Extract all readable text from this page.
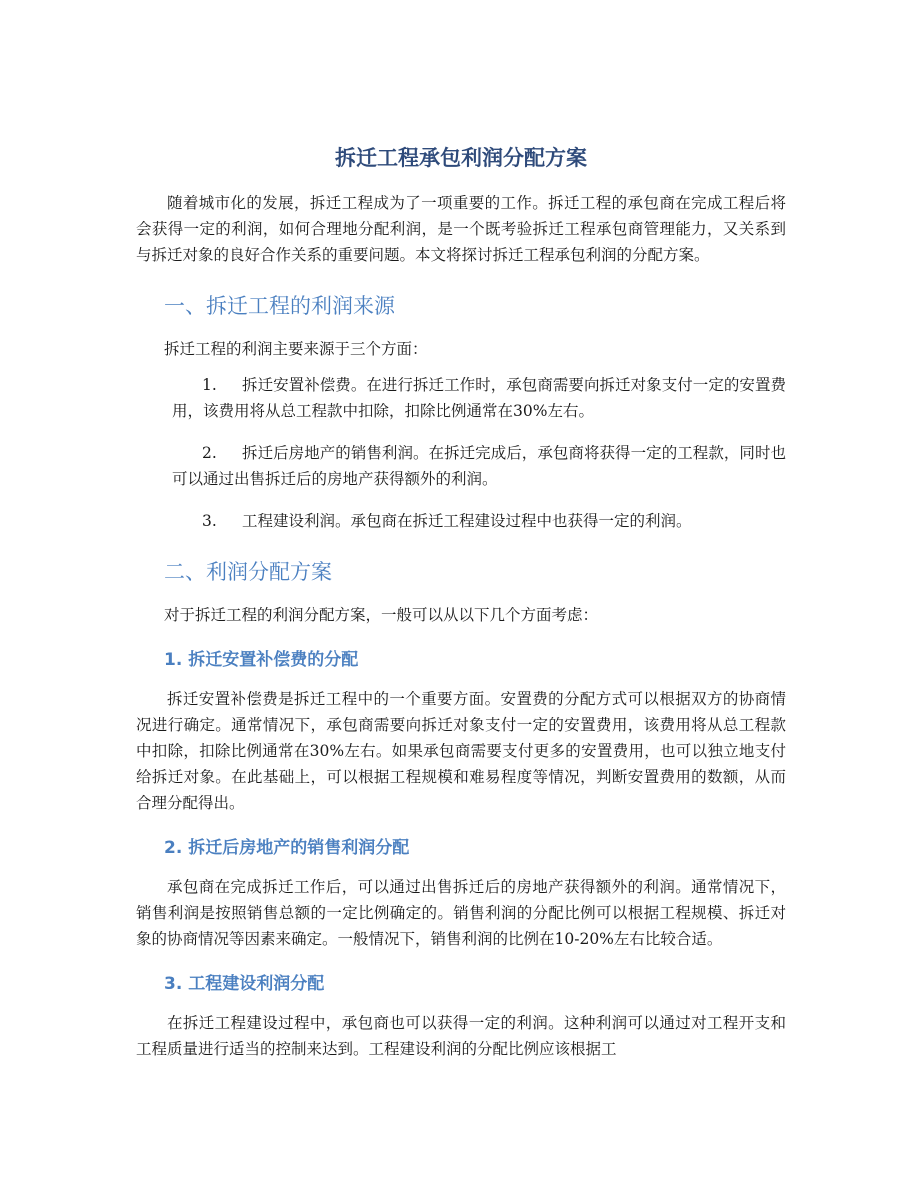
拆迁工程承包利润分配方案

随着城市化的发展，拆迁工程成为了一项重要的工作。拆迁工程的承包商在完成工程后将会获得一定的利润，如何合理地分配利润，是一个既考验拆迁工程承包商管理能力，又关系到与拆迁对象的良好合作关系的重要问题。本文将探讨拆迁工程承包利润的分配方案。

一、拆迁工程的利润来源

拆迁工程的利润主要来源于三个方面：

1. 拆迁安置补偿费。在进行拆迁工作时，承包商需要向拆迁对象支付一定的安置费用，该费用将从总工程款中扣除，扣除比例通常在30%左右。
2. 拆迁后房地产的销售利润。在拆迁完成后，承包商将获得一定的工程款，同时也可以通过出售拆迁后的房地产获得额外的利润。
3. 工程建设利润。承包商在拆迁工程建设过程中也获得一定的利润。
二、利润分配方案

对于拆迁工程的利润分配方案，一般可以从以下几个方面考虑：

1. 拆迁安置补偿费的分配

拆迁安置补偿费是拆迁工程中的一个重要方面。安置费的分配方式可以根据双方的协商情况进行确定。通常情况下，承包商需要向拆迁对象支付一定的安置费用，该费用将从总工程款中扣除，扣除比例通常在30%左右。如果承包商需要支付更多的安置费用，也可以独立地支付给拆迁对象。在此基础上，可以根据工程规模和难易程度等情况，判断安置费用的数额，从而合理分配得出。

2. 拆迁后房地产的销售利润分配

承包商在完成拆迁工作后，可以通过出售拆迁后的房地产获得额外的利润。通常情况下，销售利润是按照销售总额的一定比例确定的。销售利润的分配比例可以根据工程规模、拆迁对象的协商情况等因素来确定。一般情况下，销售利润的比例在10-20%左右比较合适。

3. 工程建设利润分配

在拆迁工程建设过程中，承包商也可以获得一定的利润。这种利润可以通过对工程开支和工程质量进行适当的控制来达到。工程建设利润的分配比例应该根据工
